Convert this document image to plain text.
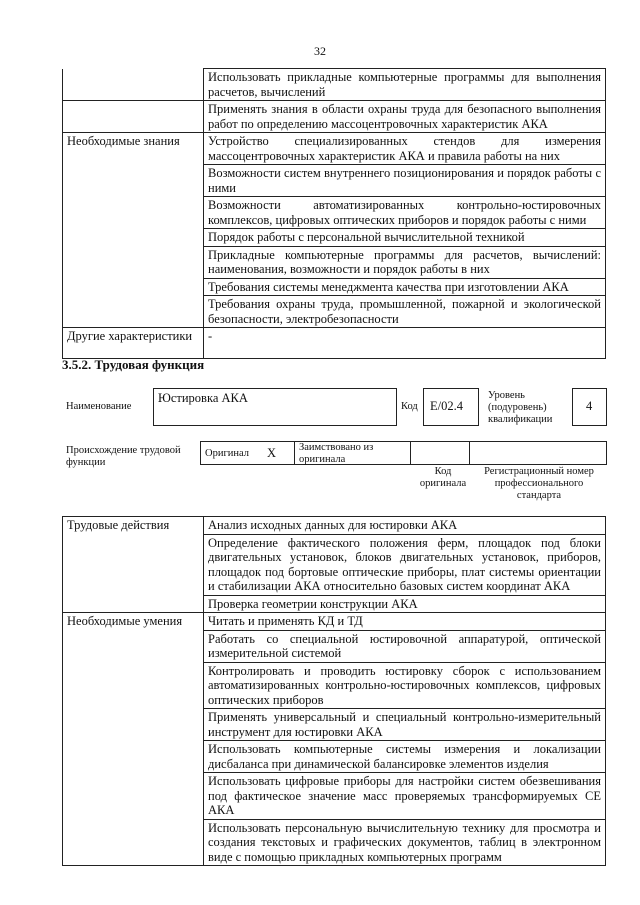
32
	Использовать прикладные компьютерные программы для выполнения расчетов, вычислений
	Применять знания в области охраны труда для безопасного выполнения работ по определению массоцентровочных характеристик АКА
Необходимые знания	Устройство специализированных стендов для измерения массоцентровочных характеристик АКА и правила работы на них
	Возможности систем внутреннего позиционирования и порядок работы с ними
	Возможности автоматизированных контрольно-юстировочных комплексов, цифровых оптических приборов и порядок работы с ними
	Порядок работы с персональной вычислительной техникой
	Прикладные компьютерные программы для расчетов, вычислений: наименования, возможности и порядок работы в них
	Требования системы менеджмента качества при изготовлении АКА
	Требования охраны труда, промышленной, пожарной и экологической безопасности, электробезопасности
Другие характеристики	-
3.5.2. Трудовая функция
Наименование
Юстировка АКА
Код E/02.4
Уровень (подуровень) квалификации
4
Происхождение трудовой функции
Оригинал X Заимствовано из оригинала
Код оригинала
Регистрационный номер профессионального стандарта
Трудовые действия	Анализ исходных данных для юстировки АКА
	Определение фактического положения ферм, площадок под блоки двигательных установок, блоков двигательных установок, приборов, площадок под бортовые оптические приборы, плат системы ориентации и стабилизации АКА относительно базовых систем координат АКА
	Проверка геометрии конструкции АКА
Необходимые умения	Читать и применять КД и ТД
	Работать со специальной юстировочной аппаратурой, оптической измерительной системой
	Контролировать и проводить юстировку сборок с использованием автоматизированных контрольно-юстировочных комплексов, цифровых оптических приборов
	Применять универсальный и специальный контрольно-измерительный инструмент для юстировки АКА
	Использовать компьютерные системы измерения и локализации дисбаланса при динамической балансировке элементов изделия
	Использовать цифровые приборы для настройки систем обезвешивания под фактическое значение масс проверяемых трансформируемых СЕ АКА
	Использовать персональную вычислительную технику для просмотра и создания текстовых и графических документов, таблиц в электронном виде с помощью прикладных компьютерных программ
